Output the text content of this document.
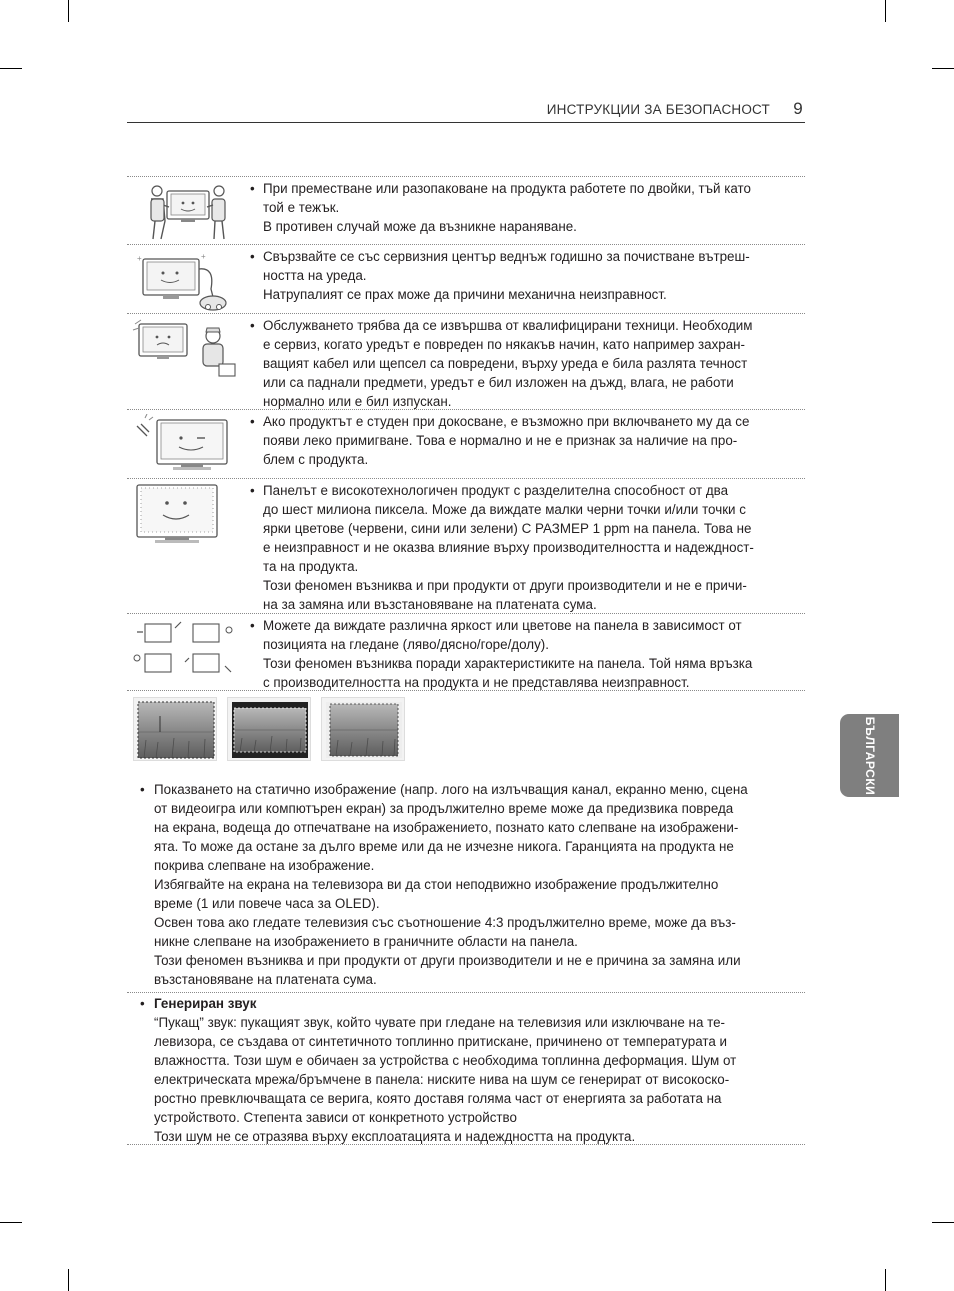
ИНСТРУКЦИИ ЗА БЕЗОПАСНОСТ	9
БЪЛГАРСКИ
• При преместване или разопаковане на продукта работете по двойки, тъй като

той е тежък.

В противен случай може да възникне нараняване.

+	+	• Свързвайте се със сервизния център веднъж годишно за почистване вътреш-

ността на уреда.

Натрупалият се прах може да причини механична неизправност.

• Обслужването трябва да се извършва от квалифицирани техници. Необходим

е сервиз, когато уредът е повреден по някакъв начин, като например захран-

ващият кабел или щепсел са повредени, върху уреда е била разлята течност

или са паднали предмети, уредът е бил изложен на дъжд, влага, не работи

нормално или е бил изпускан.

• Ако продуктът е студен при докосване, е възможно при включването му да се

появи леко примигване. Това е нормално и не е признак за наличие на про-

блем с продукта.

• Панелът е високотехнологичен продукт с разделителна способност от два

до шест милиона пиксела. Може да виждате малки черни точки и/или точки с

ярки цветове (червени, сини или зелени) С РАЗМЕР 1 ppm на панела. Това не

е неизправност и не оказва влияние върху производителността и надеждност-

та на продукта.

Този феномен възниква и при продукти от други производители и не е причи-

на за замяна или възстановяване на платената сума.

• Можете да виждате различна яркост или цветове на панела в зависимост от

позицията на гледане (ляво/дясно/горе/долу).

Този феномен възниква поради характеристиките на панела. Той няма връзка

с производителността на продукта и не представлява неизправност.

• Показването на статично изображение (напр. лого на излъчващия канал, екранно меню, сцена

от видеоигра или компютърен екран) за продължително време може да предизвика повреда

на екрана, водеща до отпечатване на изображението, познато като слепване на изображени-

ята. То може да остане за дълго време или да не изчезне никога. Гаранцията на продукта не

покрива слепване на изображение.

Избягвайте на екрана на телевизора ви да стои неподвижно изображение продължително

време (1 или повече часа за OLED).

Освен това ако гледате телевизия със съотношение 4:3 продължително време, може да въз-

никне слепване на изображението в граничните области на панела.

Този феномен възниква и при продукти от други производители и не е причина за замяна или

възстановяване на платената сума.

• Генериран звук

“Пукащ” звук: пукащият звук, който чувате при гледане на телевизия или изключване на те-

левизора, се създава от синтетичното топлинно притискане, причинено от температурата и

влажността. Този шум е обичаен за устройства с необходима топлинна деформация. Шум от

електрическата мрежа/бръмчене в панела: ниските нива на шум се генерират от високоско-

ростно превключващата се верига, която доставя голяма част от енергията за работата на

устройството. Степента зависи от конкретното устройство

Този шум не се отразява върху експлоатацията и надеждността на продукта.
